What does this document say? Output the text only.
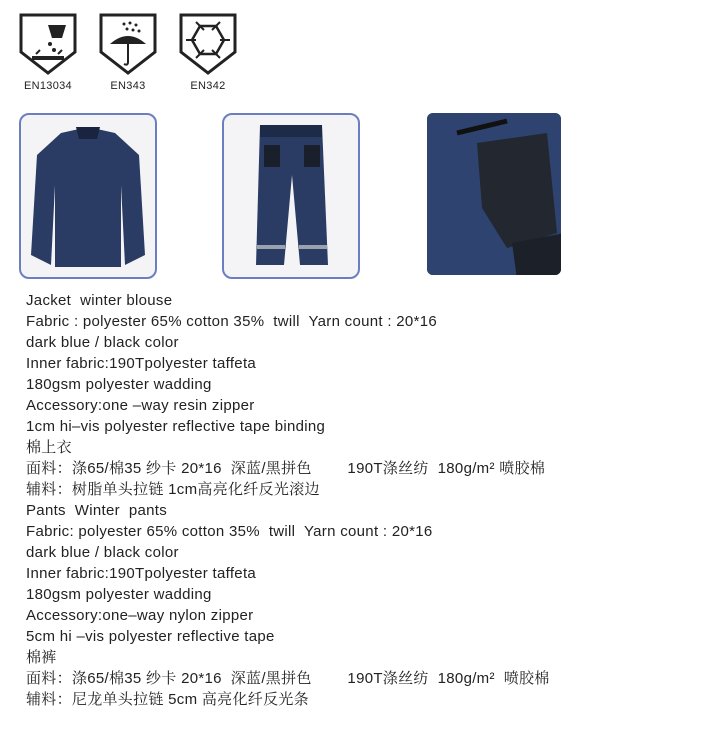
EN13034	EN343	EN342
Jacket  winter blouse
Fabric : polyester 65% cotton 35%  twill  Yarn count : 20*16
dark blue / black color
Inner fabric:190Tpolyester taffeta
180gsm polyester wadding
Accessory:one –way resin zipper
1cm hi–vis polyester reflective tape binding
棉上衣
面料：涤65/棉35 纱卡 20*16  深蓝/黑拼色        190T涤丝纺  180g/m² 喷胶棉
辅料：树脂单头拉链 1cm高亮化纤反光滚边
Pants  Winter  pants
Fabric: polyester 65% cotton 35%  twill  Yarn count : 20*16
dark blue / black color
Inner fabric:190Tpolyester taffeta
180gsm polyester wadding
Accessory:one–way nylon zipper
5cm hi –vis polyester reflective tape
棉裤
面料：涤65/棉35 纱卡 20*16  深蓝/黑拼色        190T涤丝纺  180g/m²  喷胶棉
辅料：尼龙单头拉链 5cm 高亮化纤反光条
